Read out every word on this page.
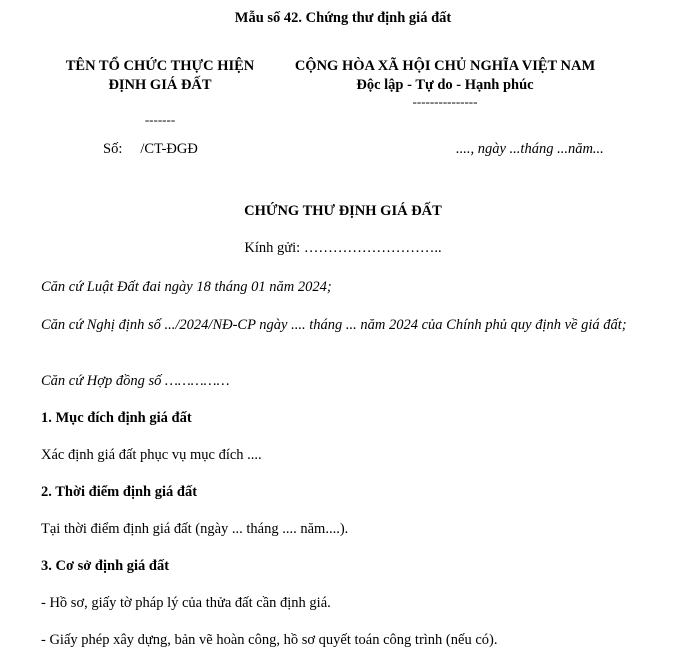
Mẫu số 42. Chứng thư định giá đất
TÊN TỔ CHỨC THỰC HIỆN ĐỊNH GIÁ ĐẤT
-------
CỘNG HÒA XÃ HỘI CHỦ NGHĨA VIỆT NAM
Độc lập - Tự do - Hạnh phúc
---------------
Số: /CT-ĐGĐ	...., ngày ...tháng ...năm...
CHỨNG THƯ ĐỊNH GIÁ ĐẤT
Kính gửi: ………………………..
Căn cứ Luật Đất đai ngày 18 tháng 01 năm 2024;
Căn cứ Nghị định số .../2024/NĐ-CP ngày .... tháng ... năm 2024 của Chính phủ quy định về giá đất;
Căn cứ Hợp đồng số ……………
1. Mục đích định giá đất
Xác định giá đất phục vụ mục đích ....
2. Thời điểm định giá đất
Tại thời điểm định giá đất (ngày ... tháng .... năm....).
3. Cơ sở định giá đất
- Hồ sơ, giấy tờ pháp lý của thửa đất cần định giá.
- Giấy phép xây dựng, bản vẽ hoàn công, hồ sơ quyết toán công trình (nếu có).
